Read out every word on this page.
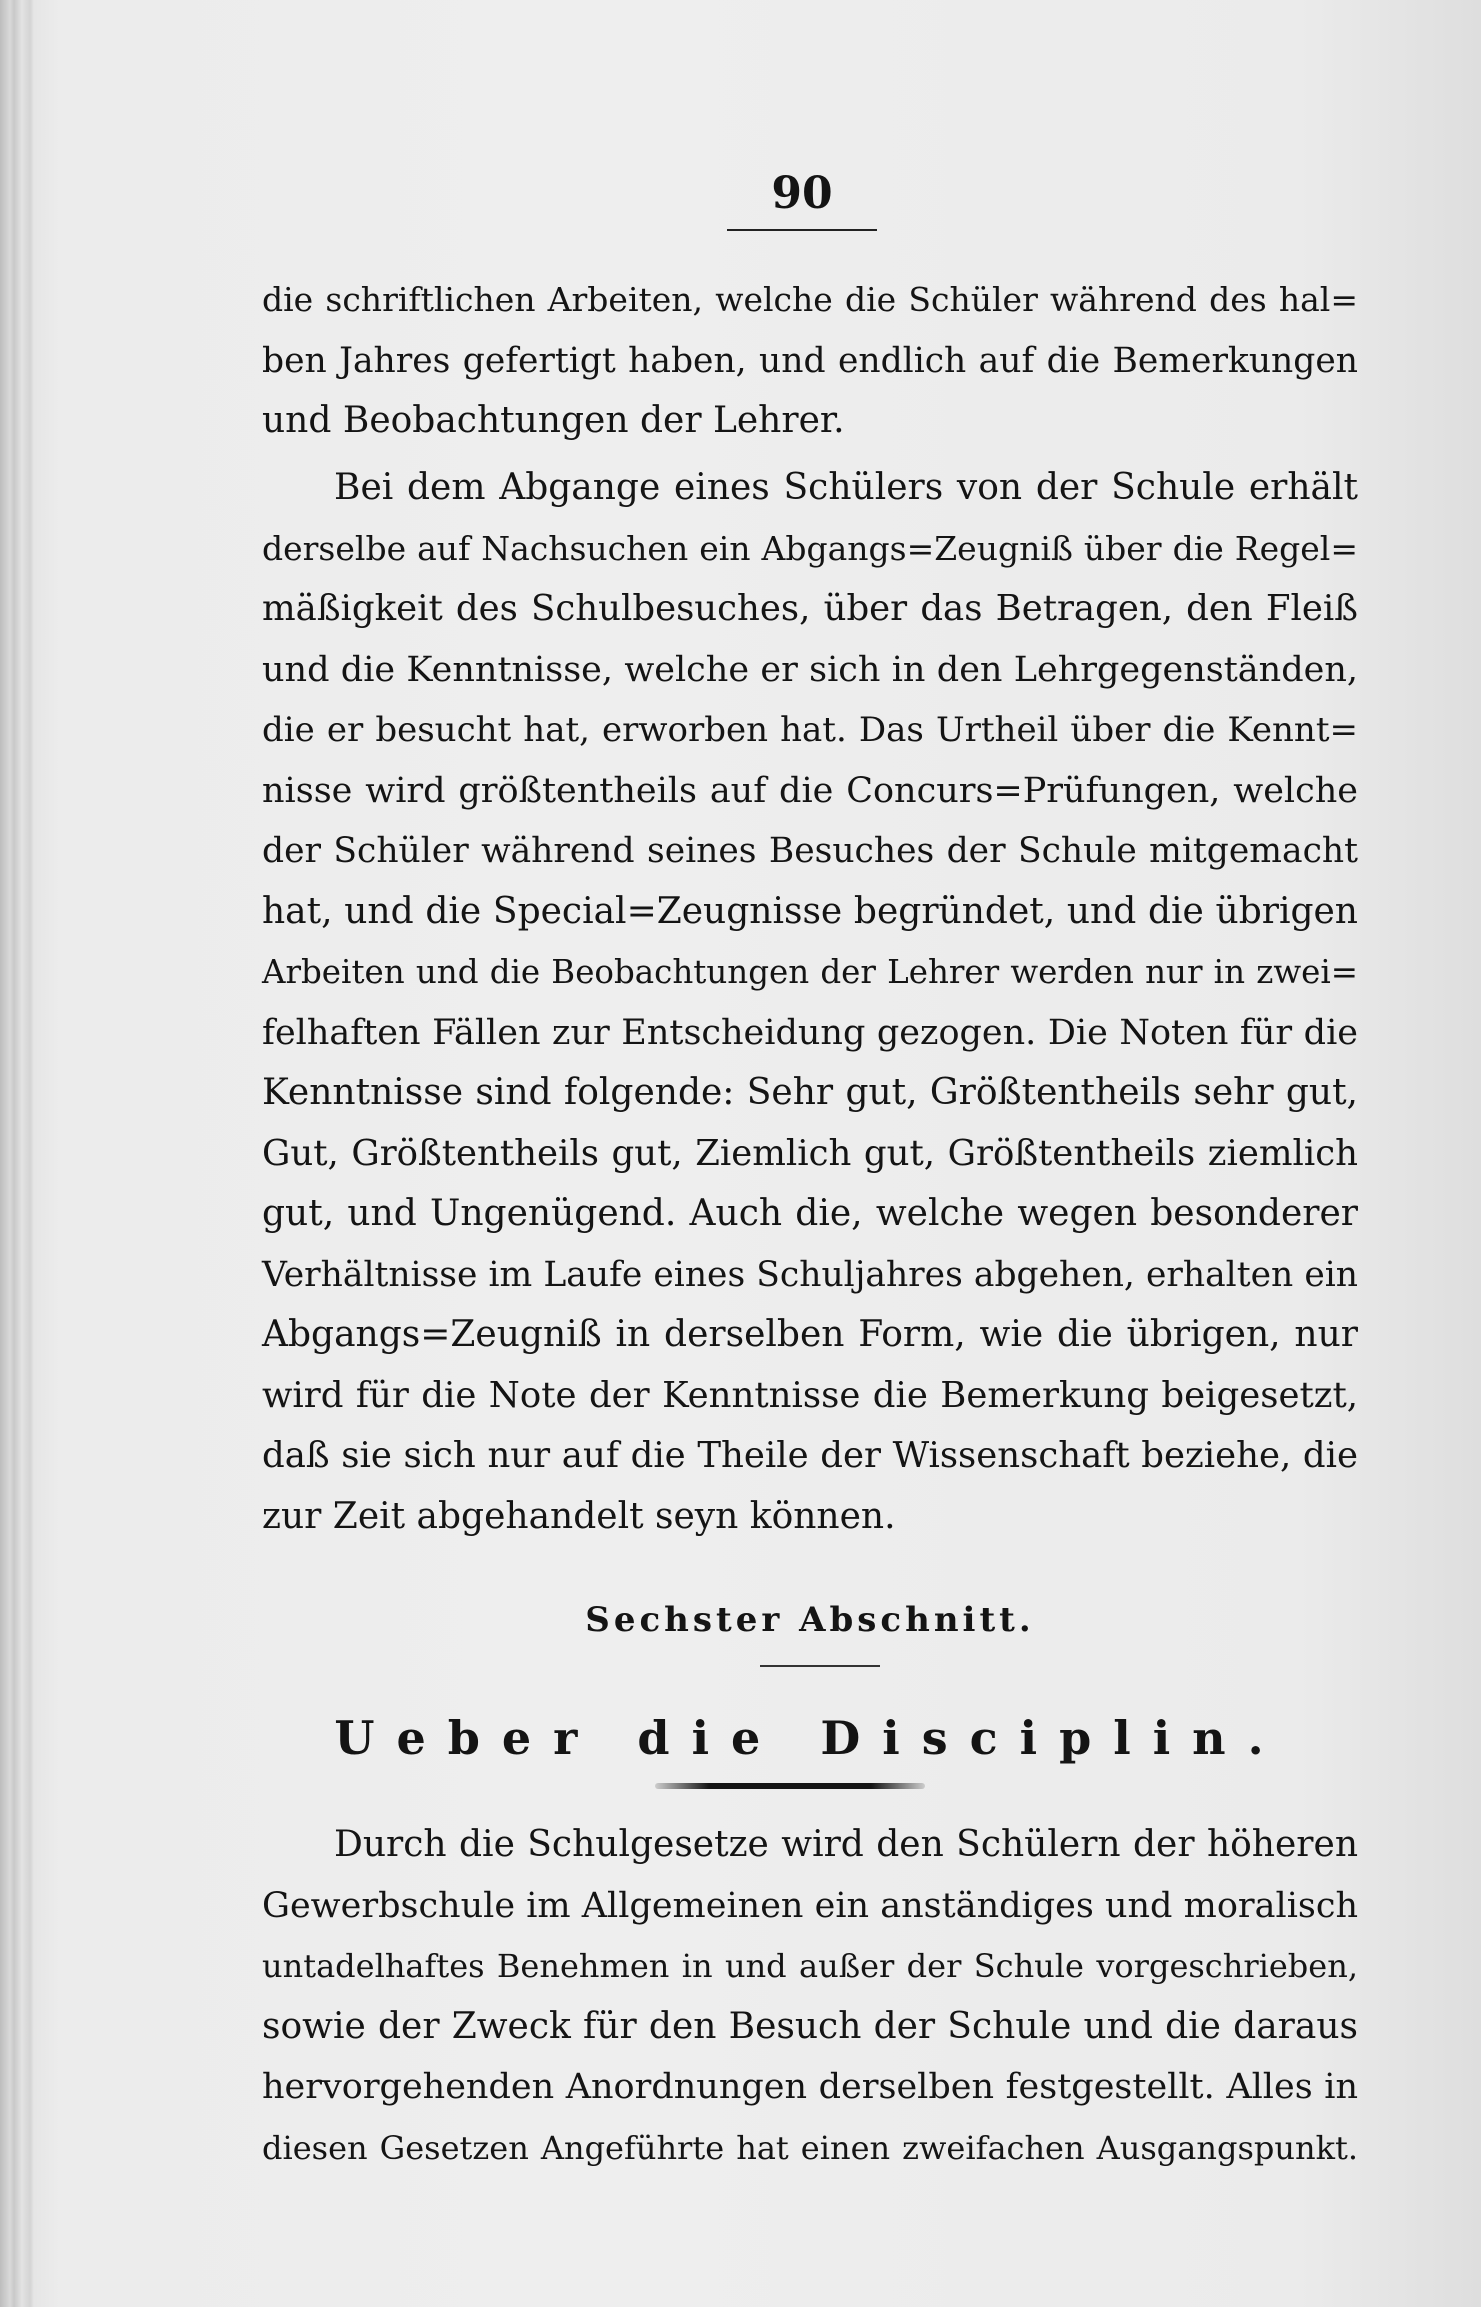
90
die schriftlichen Arbeiten, welche die Schüler während des hal=
ben Jahres gefertigt haben, und endlich auf die Bemerkungen
und Beobachtungen der Lehrer.
Bei dem Abgange eines Schülers von der Schule erhält
derselbe auf Nachsuchen ein Abgangs=Zeugniß über die Regel=
mäßigkeit des Schulbesuches, über das Betragen, den Fleiß
und die Kenntnisse, welche er sich in den Lehrgegenständen,
die er besucht hat, erworben hat. Das Urtheil über die Kennt=
nisse wird größtentheils auf die Concurs=Prüfungen, welche
der Schüler während seines Besuches der Schule mitgemacht
hat, und die Special=Zeugnisse begründet, und die übrigen
Arbeiten und die Beobachtungen der Lehrer werden nur in zwei=
felhaften Fällen zur Entscheidung gezogen. Die Noten für die
Kenntnisse sind folgende: Sehr gut, Größtentheils sehr gut,
Gut, Größtentheils gut, Ziemlich gut, Größtentheils ziemlich
gut, und Ungenügend. Auch die, welche wegen besonderer
Verhältnisse im Laufe eines Schuljahres abgehen, erhalten ein
Abgangs=Zeugniß in derselben Form, wie die übrigen, nur
wird für die Note der Kenntnisse die Bemerkung beigesetzt,
daß sie sich nur auf die Theile der Wissenschaft beziehe, die
zur Zeit abgehandelt seyn können.
Sechster Abschnitt.
Ueber die Disciplin.
Durch die Schulgesetze wird den Schülern der höheren
Gewerbschule im Allgemeinen ein anständiges und moralisch
untadelhaftes Benehmen in und außer der Schule vorgeschrieben,
sowie der Zweck für den Besuch der Schule und die daraus
hervorgehenden Anordnungen derselben festgestellt. Alles in
diesen Gesetzen Angeführte hat einen zweifachen Ausgangspunkt.
